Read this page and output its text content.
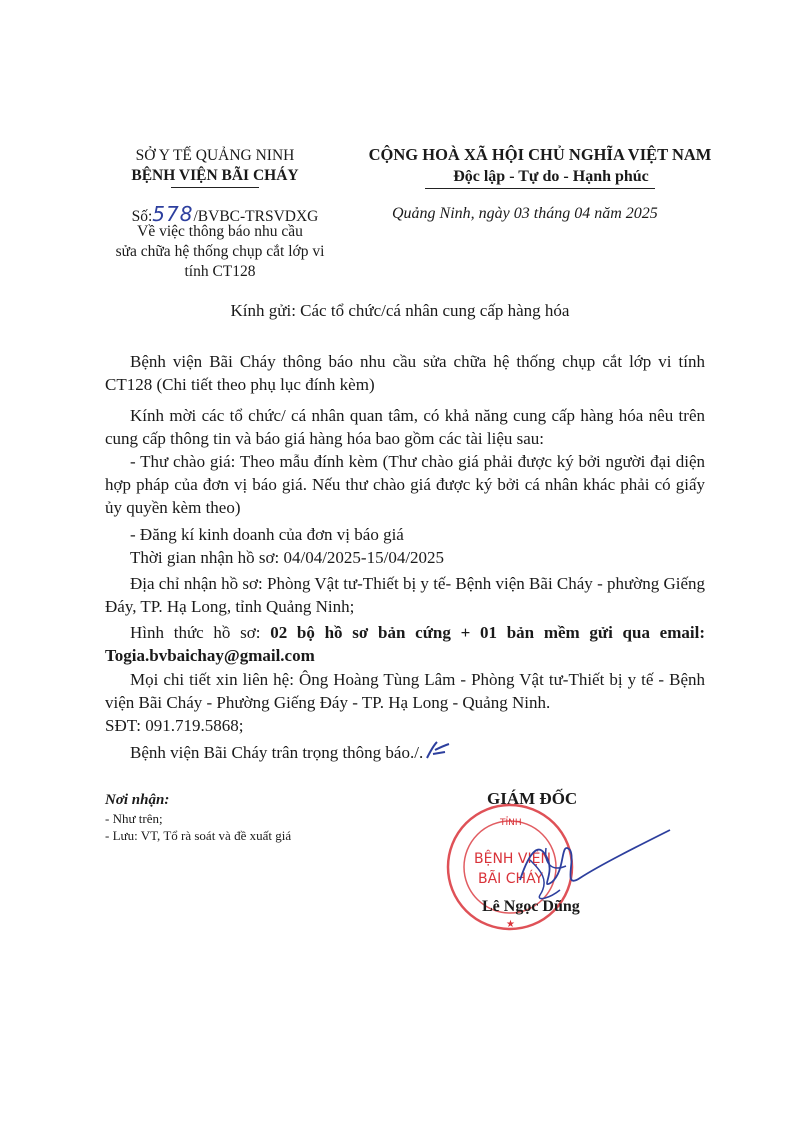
SỞ Y TẾ QUẢNG NINH
BỆNH VIỆN BÃI CHÁY
CỘNG HOÀ XÃ HỘI CHỦ NGHĨA VIỆT NAM
Độc lập - Tự do - Hạnh phúc
Số:578/BVBC-TRSVDXG
Về việc thông báo nhu cầu
sửa chữa hệ thống chụp cắt lớp vi
tính CT128
Quảng Ninh, ngày 03 tháng 04 năm 2025
Kính gửi: Các tổ chức/cá nhân cung cấp hàng hóa
Bệnh viện Bãi Cháy thông báo nhu cầu sửa chữa hệ thống chụp cắt lớp vi tính CT128 (Chi tiết theo phụ lục đính kèm)
Kính mời các tổ chức/ cá nhân quan tâm, có khả năng cung cấp hàng hóa nêu trên cung cấp thông tin và báo giá hàng hóa bao gồm các tài liệu sau:
- Thư chào giá: Theo mẫu đính kèm (Thư chào giá phải được ký bởi người đại diện hợp pháp của đơn vị báo giá. Nếu thư chào giá được ký bởi cá nhân khác phải có giấy ủy quyền kèm theo)
- Đăng kí kinh doanh của đơn vị báo giá
Thời gian nhận hồ sơ: 04/04/2025-15/04/2025
Địa chỉ nhận hồ sơ: Phòng Vật tư-Thiết bị y tế- Bệnh viện Bãi Cháy - phường Giếng Đáy, TP. Hạ Long, tỉnh Quảng Ninh;
Hình thức hồ sơ: 02 bộ hồ sơ bản cứng + 01 bản mềm gửi qua email: Togia.bvbaichay@gmail.com
Mọi chi tiết xin liên hệ: Ông Hoàng Tùng Lâm - Phòng Vật tư-Thiết bị y tế - Bệnh viện Bãi Cháy - Phường Giếng Đáy - TP. Hạ Long - Quảng Ninh.
SĐT: 091.719.5868;
Bệnh viện Bãi Cháy trân trọng thông báo./.
Nơi nhận:
- Như trên;
- Lưu: VT, Tổ rà soát và đề xuất giá
GIÁM ĐỐC
TỈNH
BỆNH VIỆN
BÃI CHÁY
★
Lê Ngọc Dũng
